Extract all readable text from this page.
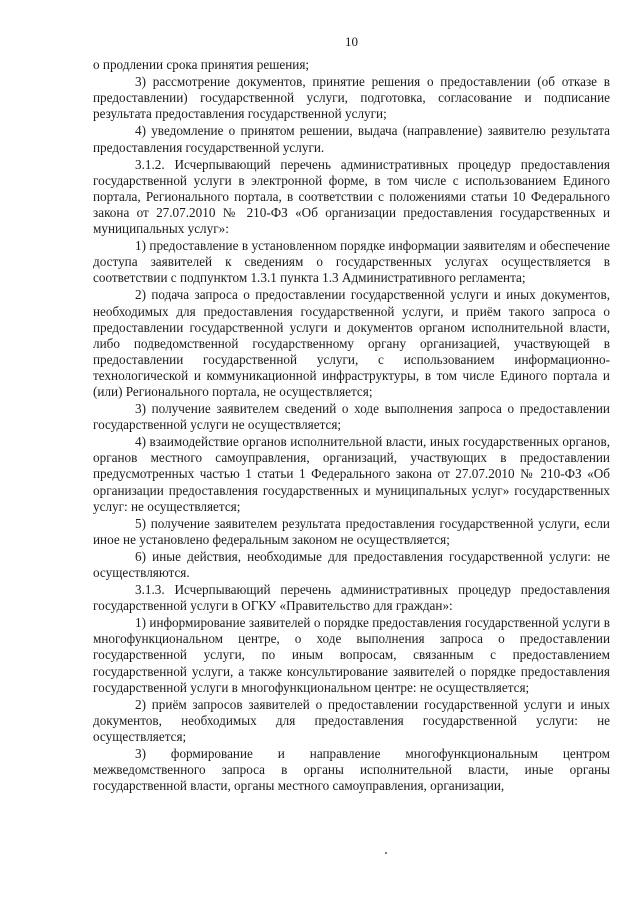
10

о продлении срока принятия решения;

3) рассмотрение документов, принятие решения о предоставлении (об отказе в предоставлении) государственной услуги, подготовка, согласование и подписание результата предоставления государственной услуги;

4) уведомление о принятом решении, выдача (направление) заявителю результата предоставления государственной услуги.

3.1.2. Исчерпывающий перечень административных процедур предоставления государственной услуги в электронной форме, в том числе с использованием Единого портала, Регионального портала, в соответствии с положениями статьи 10 Федерального закона от 27.07.2010 № 210-ФЗ «Об организации предоставления государственных и муниципальных услуг»:

1) предоставление в установленном порядке информации заявителям и обеспечение доступа заявителей к сведениям о государственных услугах осуществляется в соответствии с подпунктом 1.3.1 пункта 1.3 Административного регламента;

2) подача запроса о предоставлении государственной услуги и иных документов, необходимых для предоставления государственной услуги, и приём такого запроса о предоставлении государственной услуги и документов органом исполнительной власти, либо подведомственной государственному органу организацией, участвующей в предоставлении государственной услуги, с использованием информационно-технологической и коммуникационной инфраструктуры, в том числе Единого портала и (или) Регионального портала, не осуществляется;

3) получение заявителем сведений о ходе выполнения запроса о предоставлении государственной услуги не осуществляется;

4) взаимодействие органов исполнительной власти, иных государственных органов, органов местного самоуправления, организаций, участвующих в предоставлении предусмотренных частью 1 статьи 1 Федерального закона от 27.07.2010 № 210-ФЗ «Об организации предоставления государственных и муниципальных услуг» государственных услуг: не осуществляется;

5) получение заявителем результата предоставления государственной услуги, если иное не установлено федеральным законом не осуществляется;

6) иные действия, необходимые для предоставления государственной услуги: не осуществляются.

3.1.3. Исчерпывающий перечень административных процедур предоставления государственной услуги в ОГКУ «Правительство для граждан»:

1) информирование заявителей о порядке предоставления государственной услуги в многофункциональном центре, о ходе выполнения запроса о предоставлении государственной услуги, по иным вопросам, связанным с предоставлением государственной услуги, а также консультирование заявителей о порядке предоставления государственной услуги в многофункциональном центре: не осуществляется;

2) приём запросов заявителей о предоставлении государственной услуги и иных документов, необходимых для предоставления государственной услуги: не осуществляется;

3) формирование и направление многофункциональным центром межведомственного запроса в органы исполнительной власти, иные органы государственной власти, органы местного самоуправления, организации,
